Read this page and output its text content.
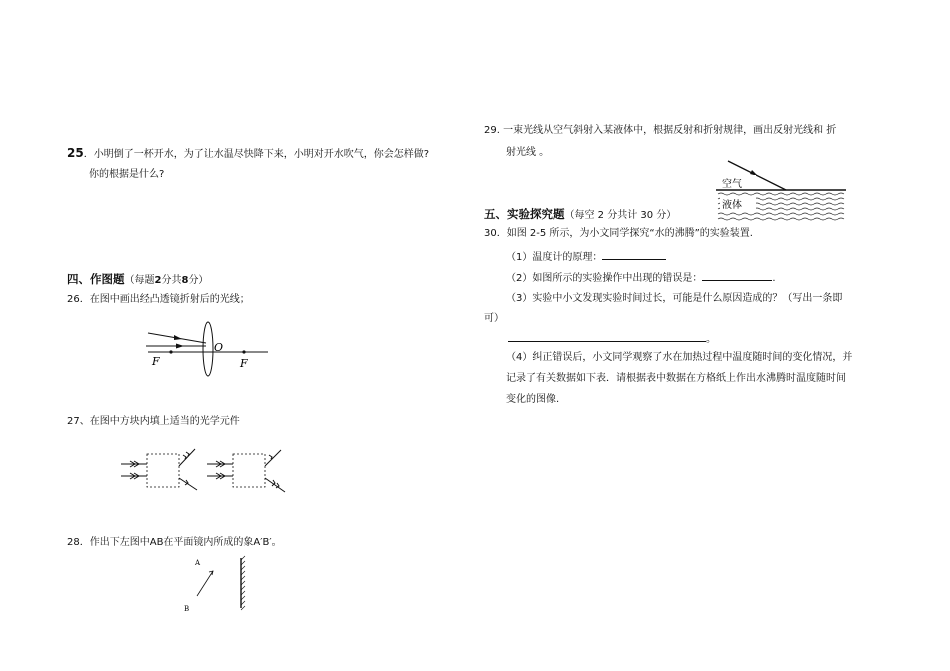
25．小明倒了一杯开水，为了让水温尽快降下来，小明对开水吹气，你会怎样做?
你的根据是什么?
四、作图题（每题2分共8分）
26．在图中画出经凸透镜折射后的光线；
F
O
F
27、在图中方块内填上适当的光学元件
28．作出下左图中AB在平面镜内所成的象A′B′。
A
B
29. 一束光线从空气斜射入某液体中，根据反射和折射规律，画出反射光线和 折
射光线 。
空气
液体
五、实验探究题（每空 2 分共计 30 分）
30．如图 2-5 所示，为小文同学探究“水的沸腾”的实验装置.
（1）温度计的原理：
（2）如图所示的实验操作中出现的错误是：	.
（3）实验中小文发现实验时间过长，可能是什么原因造成的？（写出一条即
可）
。
（4）纠正错误后，小文同学观察了水在加热过程中温度随时间的变化情况，并
记录了有关数据如下表．请根据表中数据在方格纸上作出水沸腾时温度随时间
变化的图像.
